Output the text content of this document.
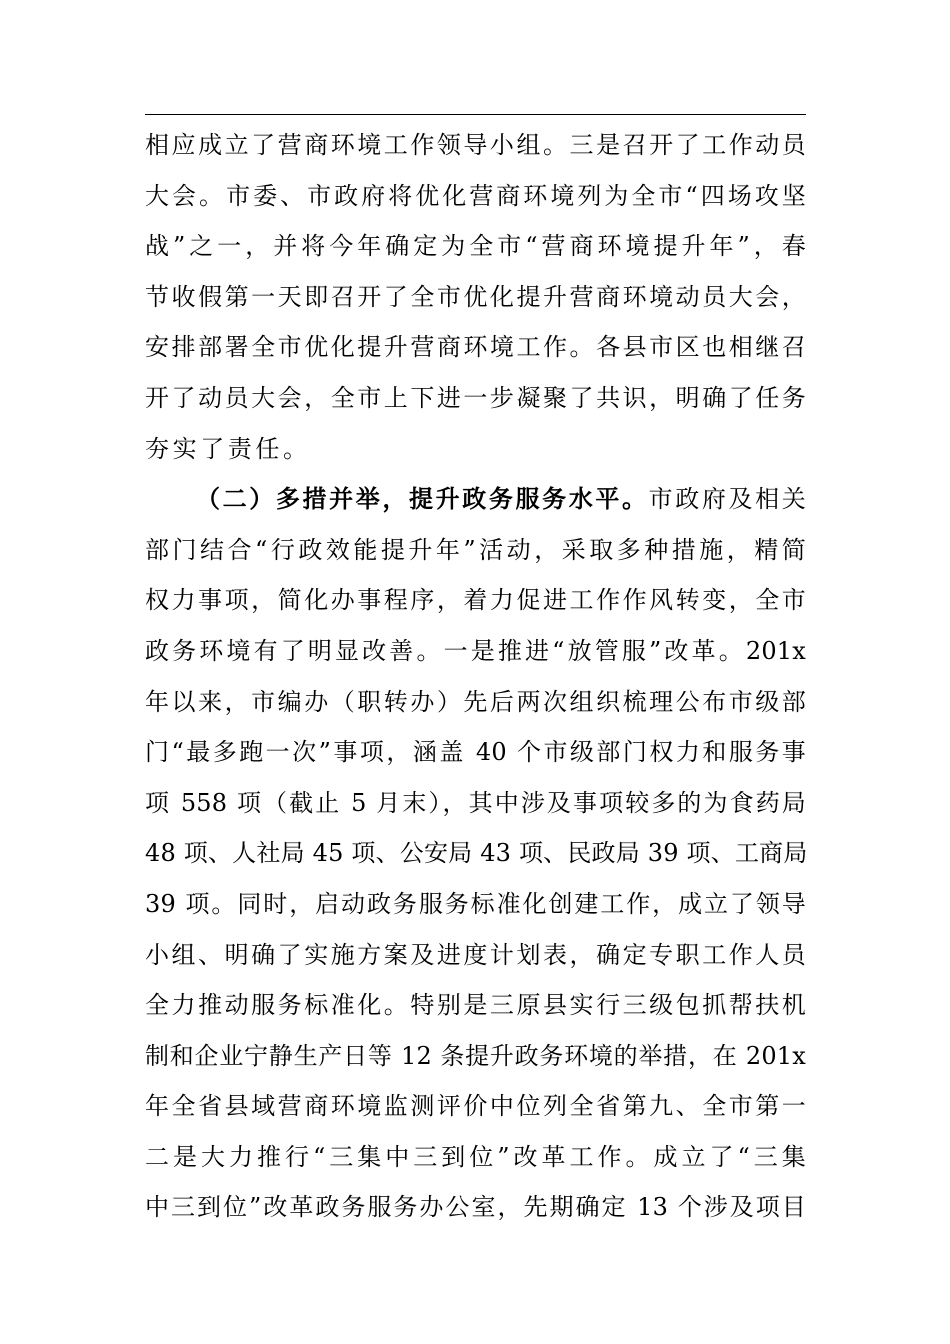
相应成立了营商环境工作领导小组。三是召开了工作动员
大会。市委、市政府将优化营商环境列为全市“四场攻坚
战”之一，并将今年确定为全市“营商环境提升年”，春
节收假第一天即召开了全市优化提升营商环境动员大会，
安排部署全市优化提升营商环境工作。各县市区也相继召
开了动员大会，全市上下进一步凝聚了共识，明确了任务
夯实了责任。
（二）多措并举，提升政务服务水平。市政府及相关
部门结合“行政效能提升年”活动，采取多种措施，精简
权力事项，简化办事程序，着力促进工作作风转变，全市
政务环境有了明显改善。一是推进“放管服”改革。201x
年以来，市编办（职转办）先后两次组织梳理公布市级部
门“最多跑一次”事项，涵盖 40 个市级部门权力和服务事
项 558 项（截止 5 月末），其中涉及事项较多的为食药局
48 项、人社局 45 项、公安局 43 项、民政局 39 项、工商局
39 项。同时，启动政务服务标准化创建工作，成立了领导
小组、明确了实施方案及进度计划表，确定专职工作人员
全力推动服务标准化。特别是三原县实行三级包抓帮扶机
制和企业宁静生产日等 12 条提升政务环境的举措，在 201x
年全省县域营商环境监测评价中位列全省第九、全市第一
二是大力推行“三集中三到位”改革工作。成立了“三集
中三到位”改革政务服务办公室，先期确定 13 个涉及项目
